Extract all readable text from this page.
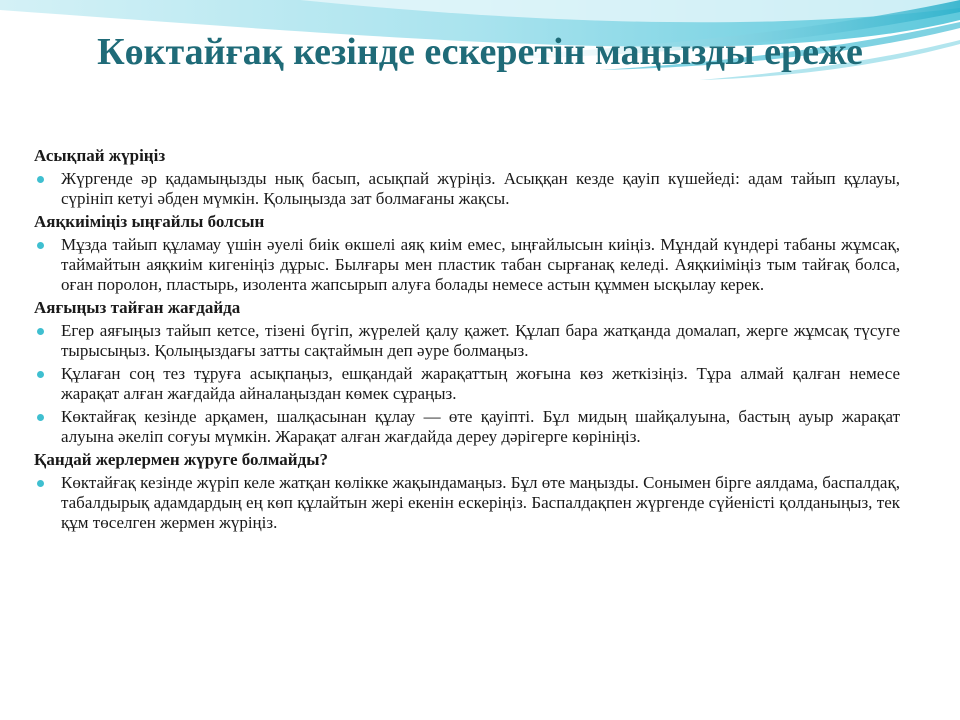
Көктайғақ кезінде ескеретін маңызды ереже
Асықпай жүріңіз
Жүргенде әр қадамыңызды нық басып, асықпай жүріңіз. Асыққан кезде қауіп күшейеді: адам тайып құлауы, сүрініп кетуі әбден мүмкін. Қолыңызда зат болмағаны жақсы.
Аяқкиіміңіз ыңғайлы болсын
Мұзда тайып құламау үшін әуелі биік өкшелі аяқ киім емес, ыңғайлысын киіңіз. Мұндай күндері табаны жұмсақ, таймайтын аяқкиім кигеніңіз дұрыс. Былғары мен пластик табан сырғанақ келеді. Аяқкиіміңіз тым тайғақ болса, оған поролон, пластырь, изолента жапсырып алуға болады немесе астын құммен ысқылау керек.
Аяғыңыз тайған жағдайда
Егер аяғыңыз тайып кетсе, тізені бүгіп, жүрелей қалу қажет. Құлап бара жатқанда домалап, жерге жұмсақ түсуге тырысыңыз. Қолыңыздағы затты сақтаймын деп әуре болмаңыз.
Құлаған соң тез тұруға асықпаңыз, ешқандай жарақаттың жоғына көз жеткізіңіз. Тұра алмай қалған немесе жарақат алған жағдайда айналаңыздан көмек сұраңыз.
Көктайғақ кезінде арқамен, шалқасынан құлау — өте қауіпті. Бұл мидың шайқалуына, бастың ауыр жарақат алуына әкеліп соғуы мүмкін. Жарақат алған жағдайда дереу дәрігерге көрініңіз.
Қандай жерлермен жүруге болмайды?
Көктайғақ кезінде жүріп келе жатқан көлікке жақындамаңыз. Бұл өте маңызды. Сонымен бірге аялдама, баспалдақ, табалдырық адамдардың ең көп құлайтын жері екенін ескеріңіз. Баспалдақпен жүргенде сүйеністі қолданыңыз, тек құм төселген жермен жүріңіз.
